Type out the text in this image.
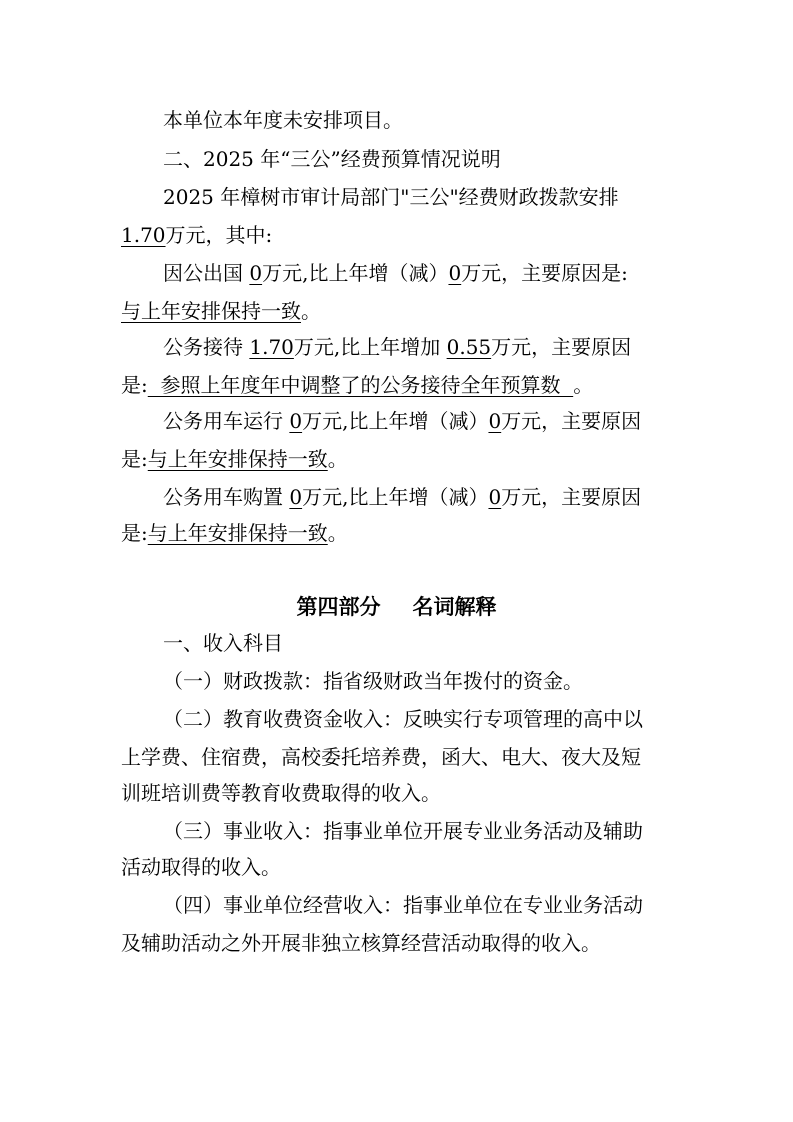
本单位本年度未安排项目。
二、2025 年“三公”经费预算情况说明
2025 年樟树市审计局部门"三公"经费财政拨款安排
1.70万元，其中:
因公出国 0万元,比上年增（减）0万元，主要原因是:
与上年安排保持一致。
公务接待 1.70万元,比上年增加 0.55万元，主要原因
是:  参照上年度年中调整了的公务接待全年预算数  。
公务用车运行 0万元,比上年增（减）0万元，主要原因
是:与上年安排保持一致。
公务用车购置 0万元,比上年增（减）0万元，主要原因
是:与上年安排保持一致。
第四部分 名词解释
一、收入科目
（一）财政拨款：指省级财政当年拨付的资金。
（二）教育收费资金收入：反映实行专项管理的高中以
上学费、住宿费，高校委托培养费，函大、电大、夜大及短
训班培训费等教育收费取得的收入。
（三）事业收入：指事业单位开展专业业务活动及辅助
活动取得的收入。
（四）事业单位经营收入：指事业单位在专业业务活动
及辅助活动之外开展非独立核算经营活动取得的收入。
